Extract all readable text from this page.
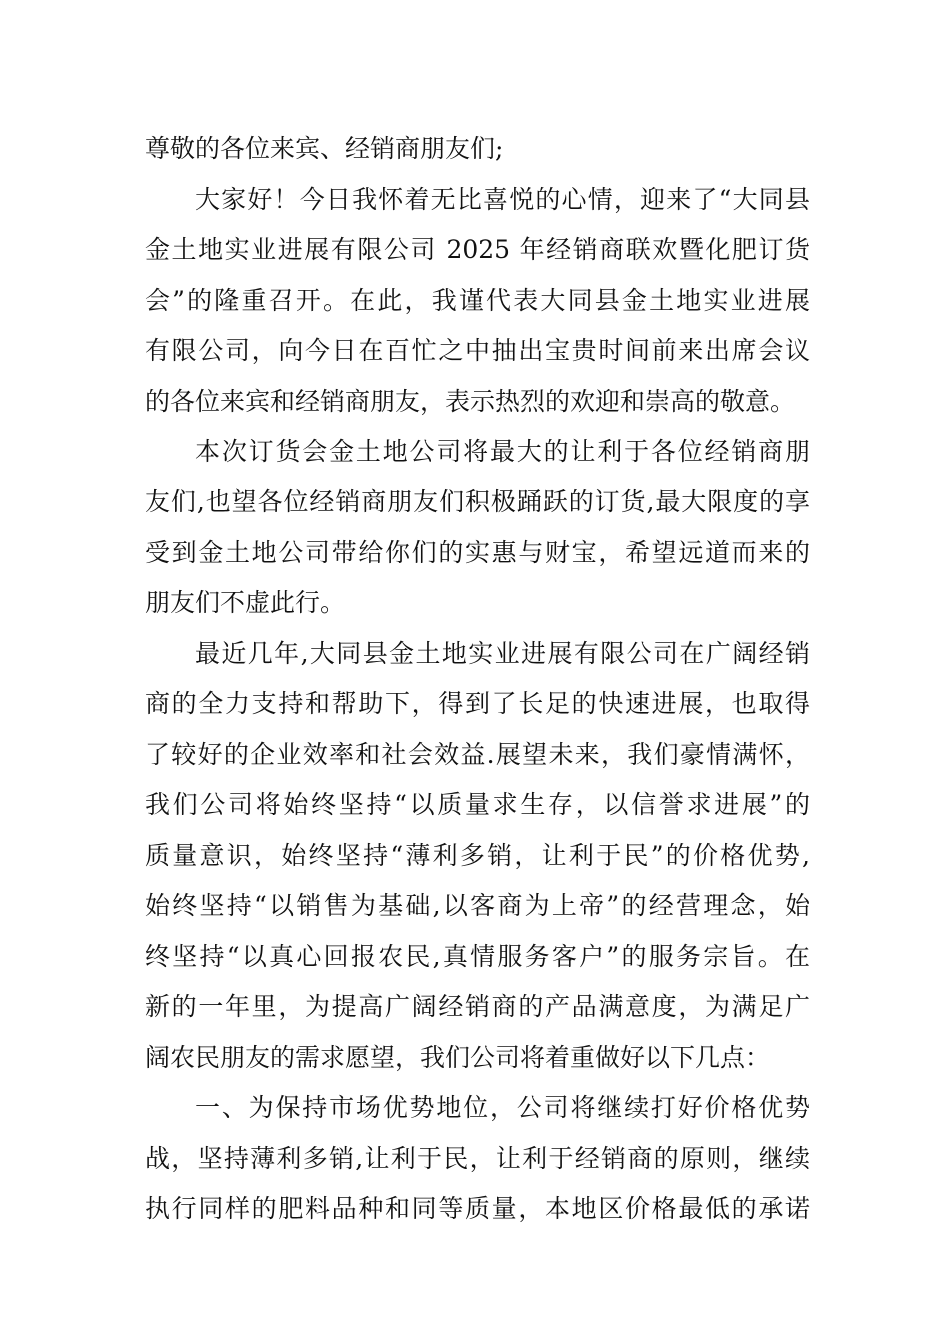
尊敬的各位来宾、经销商朋友们;
大家好！今日我怀着无比喜悦的心情，迎来了“大同县
金土地实业进展有限公司 2025 年经销商联欢暨化肥订货
会”的隆重召开。在此，我谨代表大同县金土地实业进展
有限公司，向今日在百忙之中抽出宝贵时间前来出席会议
的各位来宾和经销商朋友，表示热烈的欢迎和崇高的敬意。
本次订货会金土地公司将最大的让利于各位经销商朋
友们,也望各位经销商朋友们积极踊跃的订货,最大限度的享
受到金土地公司带给你们的实惠与财宝，希望远道而来的
朋友们不虚此行。
最近几年,大同县金土地实业进展有限公司在广阔经销
商的全力支持和帮助下，得到了长足的快速进展，也取得
了较好的企业效率和社会效益.展望未来，我们豪情满怀，
我们公司将始终坚持“以质量求生存，以信誉求进展”的
质量意识，始终坚持“薄利多销，让利于民”的价格优势,
始终坚持“以销售为基础,以客商为上帝”的经营理念，始
终坚持“以真心回报农民,真情服务客户”的服务宗旨。在
新的一年里，为提高广阔经销商的产品满意度，为满足广
阔农民朋友的需求愿望，我们公司将着重做好以下几点：
一、为保持市场优势地位，公司将继续打好价格优势
战，坚持薄利多销,让利于民，让利于经销商的原则，继续
执行同样的肥料品种和同等质量，本地区价格最低的承诺
